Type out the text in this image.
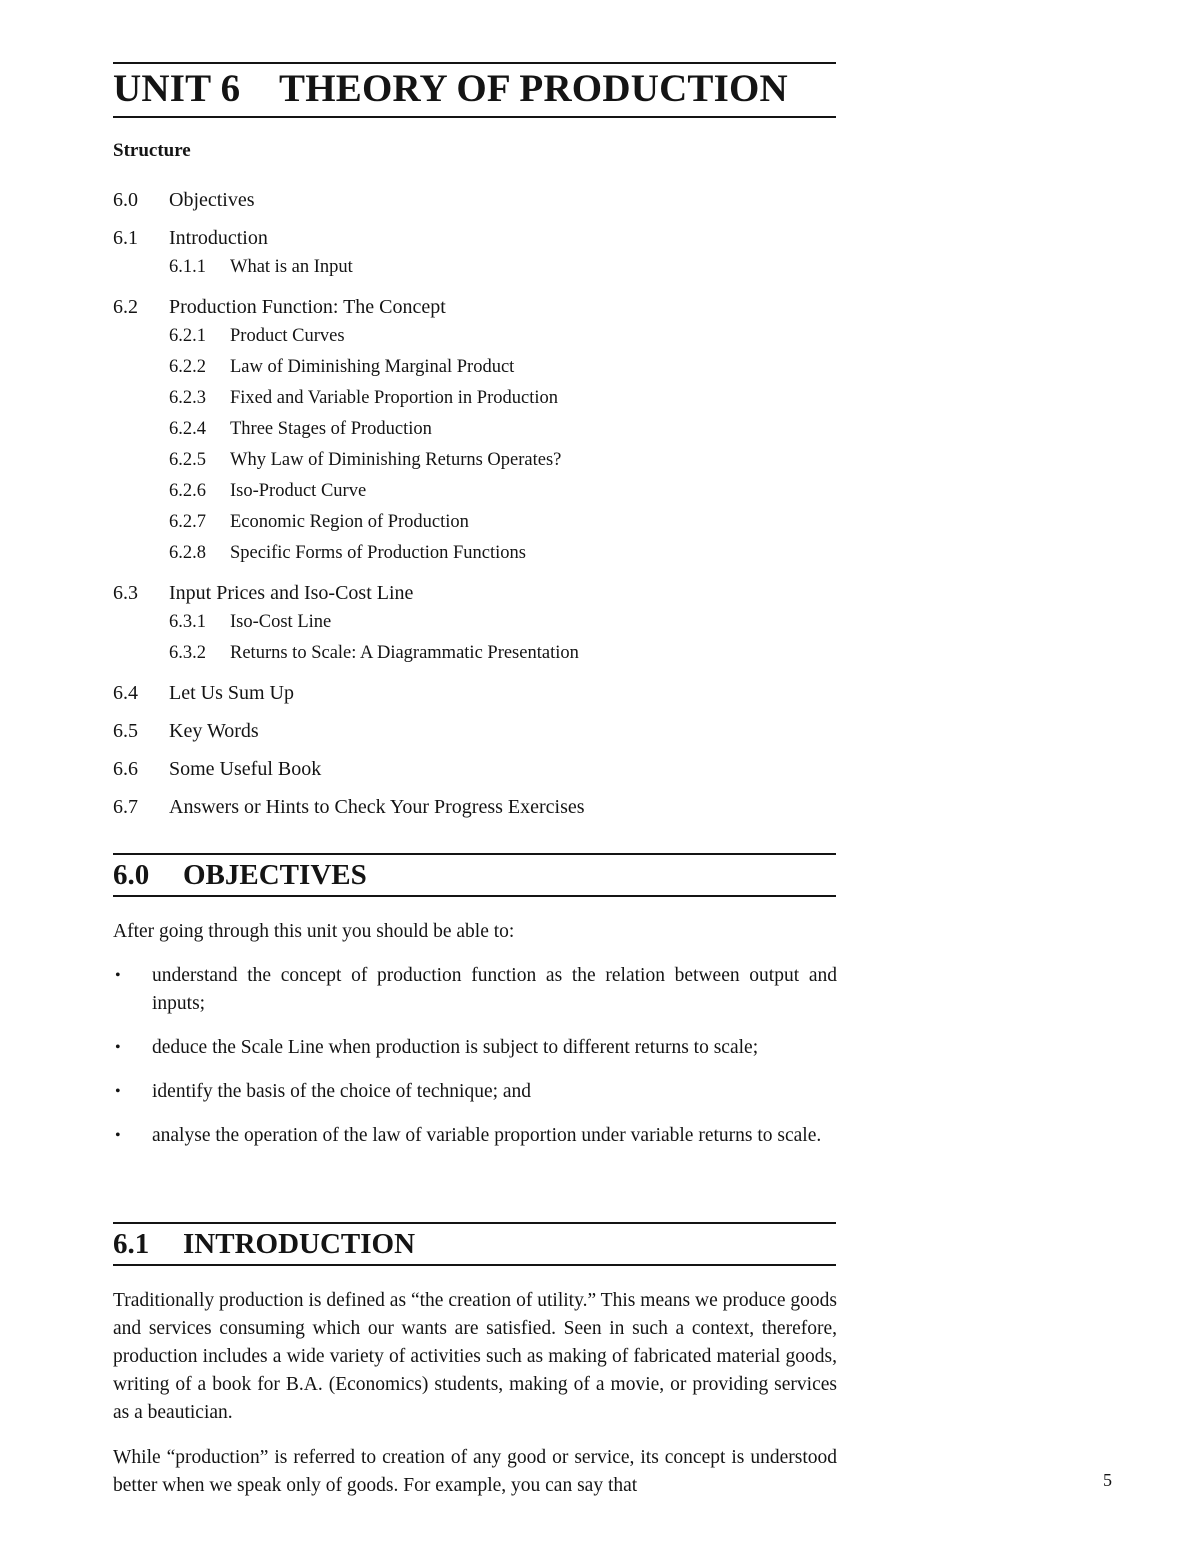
UNIT 6 THEORY OF PRODUCTION
Structure
6.0 Objectives
6.1 Introduction
6.1.1 What is an Input
6.2 Production Function: The Concept
6.2.1 Product Curves
6.2.2 Law of Diminishing Marginal Product
6.2.3 Fixed and Variable Proportion in Production
6.2.4 Three Stages of Production
6.2.5 Why Law of Diminishing Returns Operates?
6.2.6 Iso-Product Curve
6.2.7 Economic Region of Production
6.2.8 Specific Forms of Production Functions
6.3 Input Prices and Iso-Cost Line
6.3.1 Iso-Cost Line
6.3.2 Returns to Scale: A Diagrammatic Presentation
6.4 Let Us Sum Up
6.5 Key Words
6.6 Some Useful Book
6.7 Answers or Hints to Check Your Progress Exercises
6.0 OBJECTIVES
After going through this unit you should be able to:
• understand the concept of production function as the relation between output and inputs;
• deduce the Scale Line when production is subject to different returns to scale;
• identify the basis of the choice of technique; and
• analyse the operation of the law of variable proportion under variable returns to scale.
6.1 INTRODUCTION
Traditionally production is defined as “the creation of utility.” This means we produce goods and services consuming which our wants are satisfied. Seen in such a context, therefore, production includes a wide variety of activities such as making of fabricated material goods, writing of a book for B.A. (Economics) students, making of a movie, or providing services as a beautician.
While “production” is referred to creation of any good or service, its concept is understood better when we speak only of goods. For example, you can say that	5
